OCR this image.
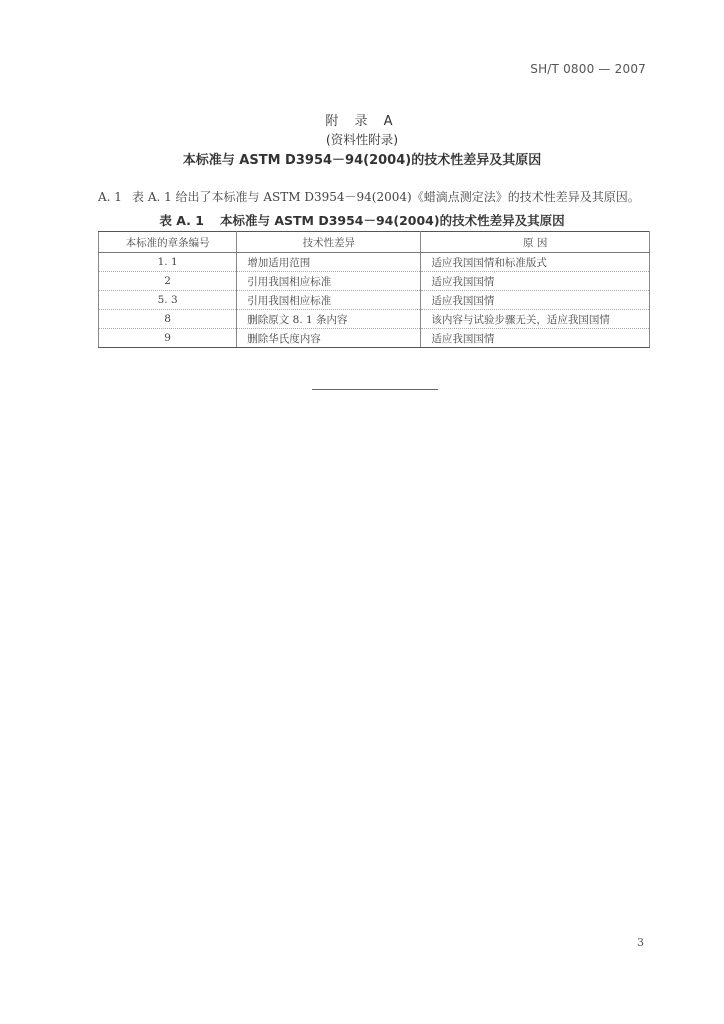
SH/T 0800 — 2007
附 录 A
(资料性附录)
本标准与 ASTM D3954－94(2004)的技术性差异及其原因
A. 1 表 A. 1 给出了本标准与 ASTM D3954－94(2004)《蜡滴点测定法》的技术性差异及其原因。
表 A. 1 本标准与 ASTM D3954－94(2004)的技术性差异及其原因
本标准的章条编号	技术性差异	原 因
1. 1	增加适用范围	适应我国国情和标准版式
2	引用我国相应标准	适应我国国情
5. 3	引用我国相应标准	适应我国国情
8	删除原文 8. 1 条内容	该内容与试验步骤无关，适应我国国情
9	删除华氏度内容	适应我国国情
3
